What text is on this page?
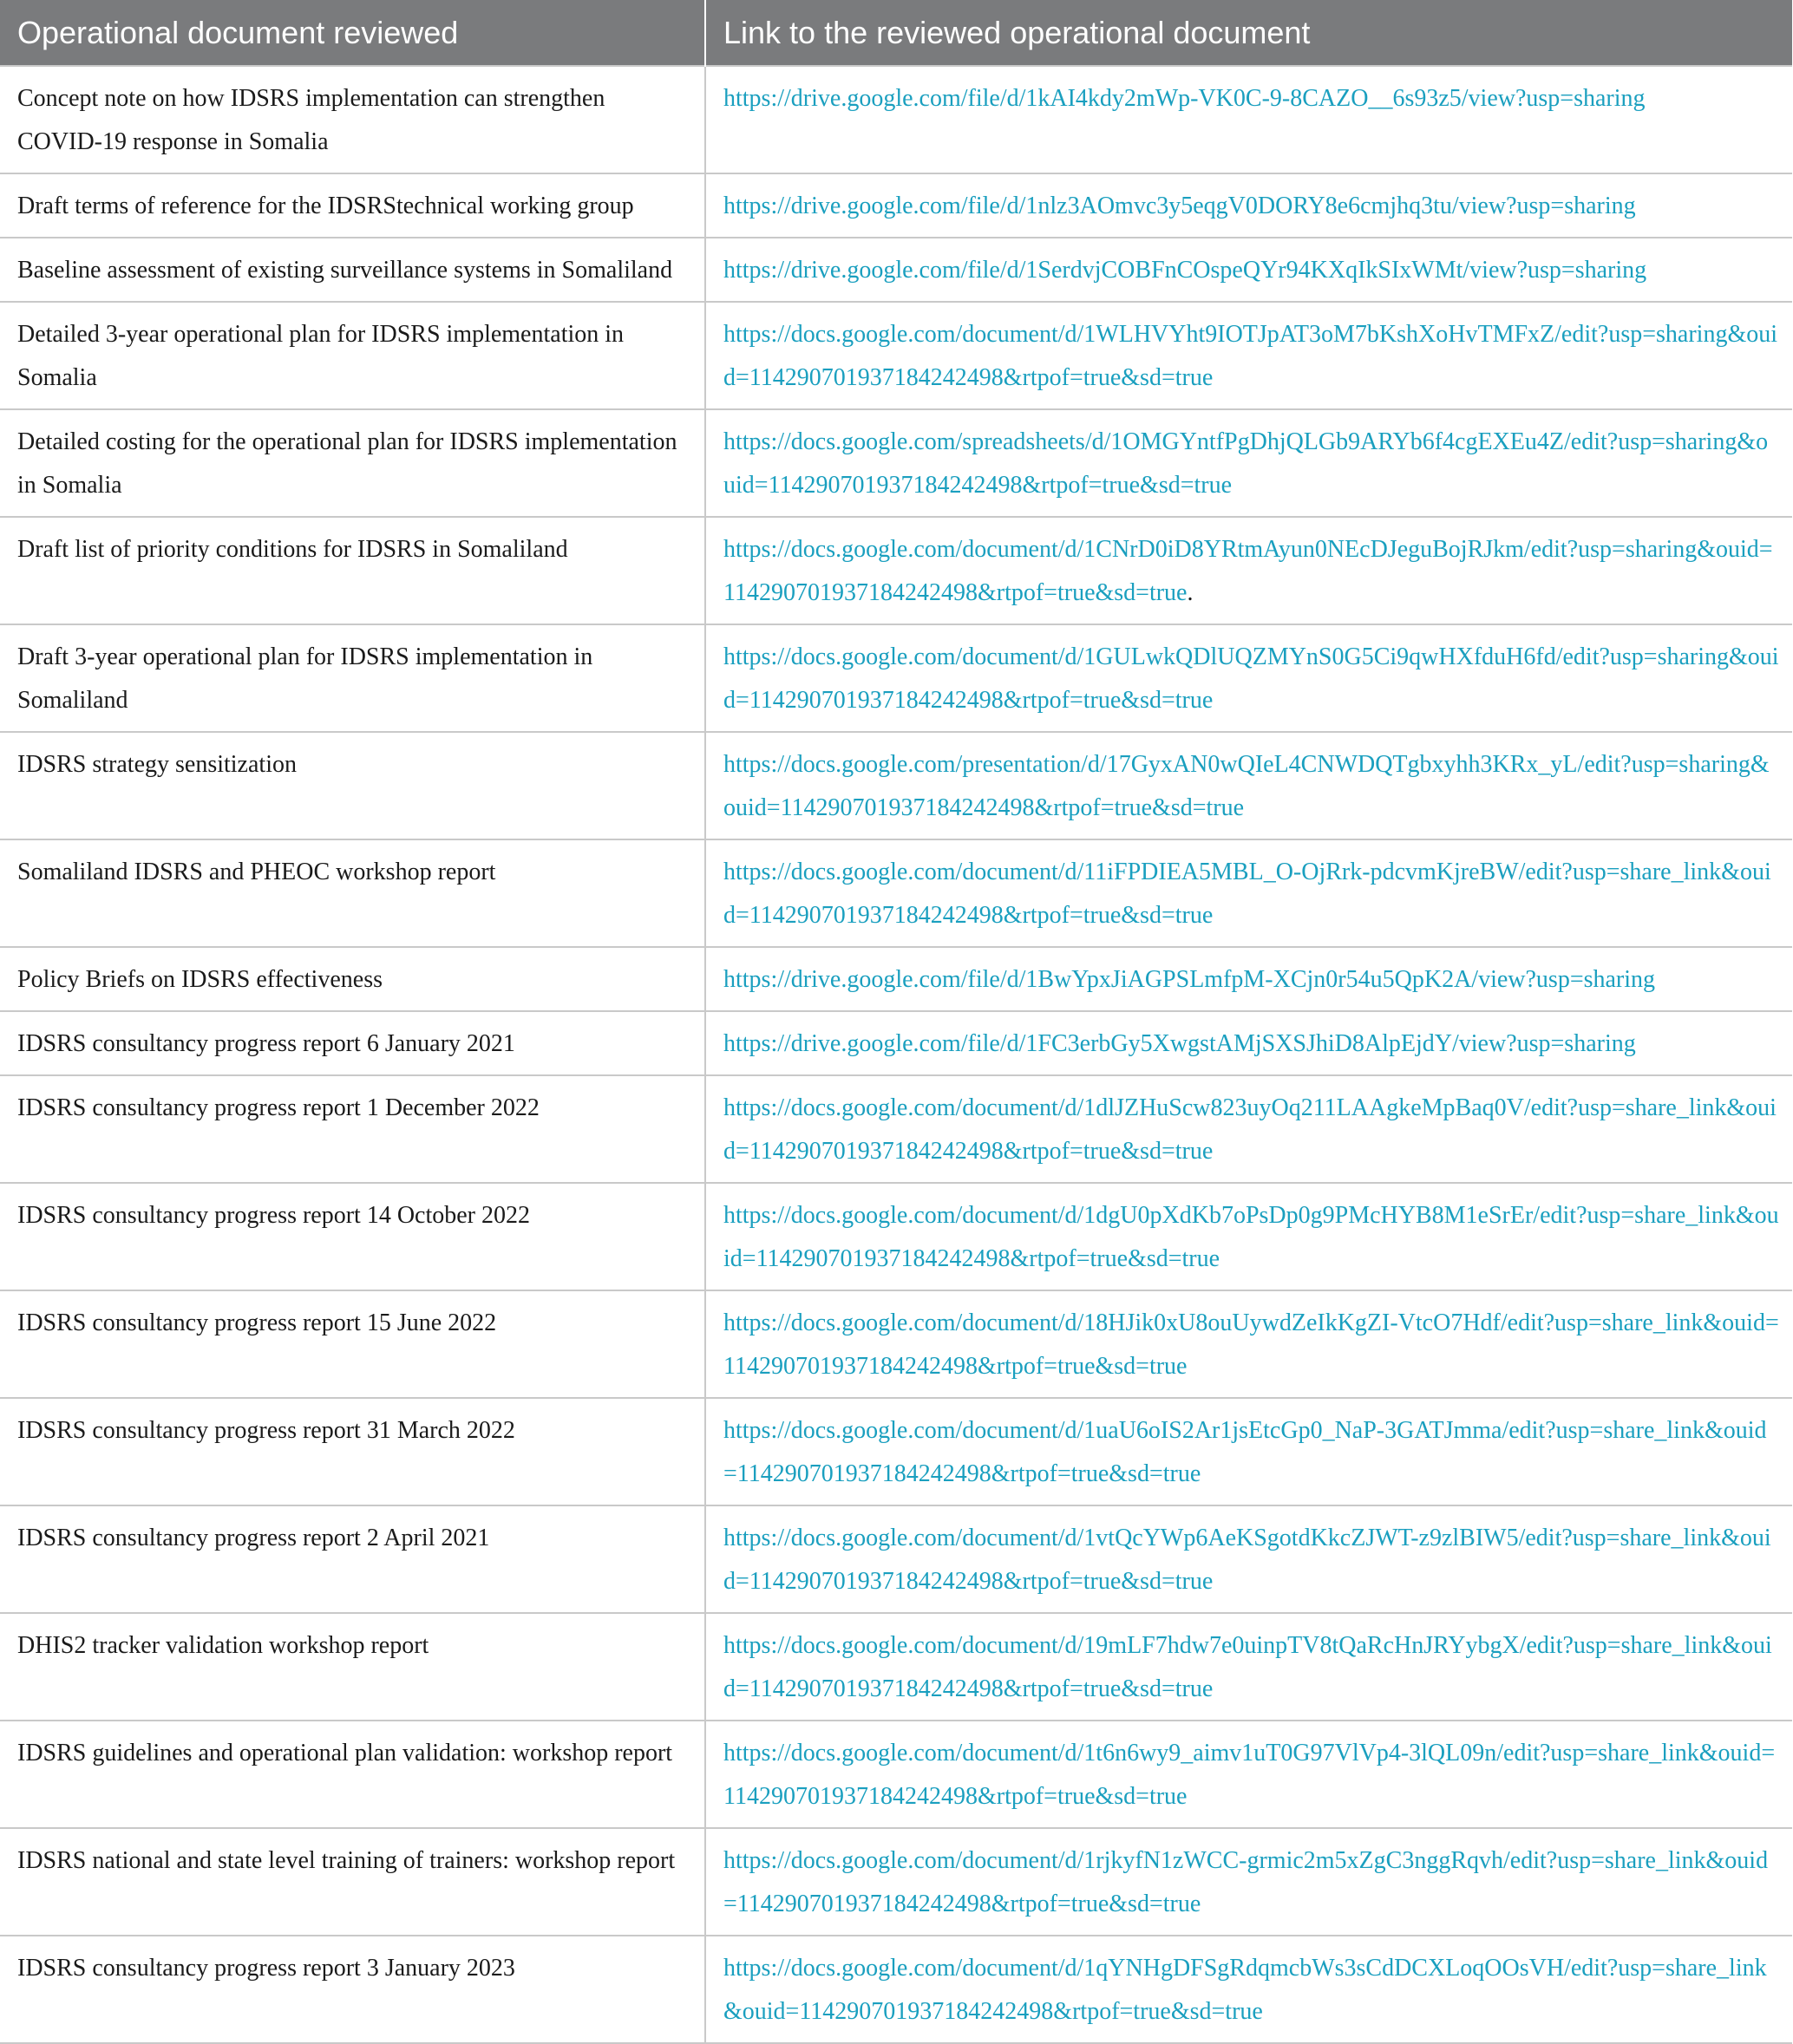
Operational document reviewed	Link to the reviewed operational document
Concept note on how IDSRS implementation can strengthen COVID-19 response in Somalia	https://drive.google.com/file/d/1kAI4kdy2mWp-VK0C-9-8CAZO__6s93z5/view?usp=sharing
Draft terms of reference for the IDSRStechnical working group	https://drive.google.com/file/d/1nlz3AOmvc3y5eqgV0DORY8e6cmjhq3tu/view?usp=sharing
Baseline assessment of existing surveillance systems in Somaliland	https://drive.google.com/file/d/1SerdvjCOBFnCOspeQYr94KXqIkSIxWMt/view?usp=sharing
Detailed 3-year operational plan for IDSRS implementation in Somalia	https://docs.google.com/document/d/1WLHVYht9IOTJpAT3oM7bKshXoHvTMFxZ/edit?usp=sharing&ouid=114290701937184242498&rtpof=true&sd=true
Detailed costing for the operational plan for IDSRS implementation in Somalia	https://docs.google.com/spreadsheets/d/1OMGYntfPgDhjQLGb9ARYb6f4cgEXEu4Z/edit?usp=sharing&ouid=114290701937184242498&rtpof=true&sd=true
Draft list of priority conditions for IDSRS in Somaliland	https://docs.google.com/document/d/1CNrD0iD8YRtmAyun0NEcDJeguBojRJkm/edit?usp=sharing&ouid=114290701937184242498&rtpof=true&sd=true.
Draft 3-year operational plan for IDSRS implementation in Somaliland	https://docs.google.com/document/d/1GULwkQDlUQZMYnS0G5Ci9qwHXfduH6fd/edit?usp=sharing&ouid=114290701937184242498&rtpof=true&sd=true
IDSRS strategy sensitization	https://docs.google.com/presentation/d/17GyxAN0wQIeL4CNWDQTgbxyhh3KRx_yL/edit?usp=sharing&ouid=114290701937184242498&rtpof=true&sd=true
Somaliland IDSRS and PHEOC workshop report	https://docs.google.com/document/d/11iFPDIEA5MBL_O-OjRrk-pdcvmKjreBW/edit?usp=share_link&ouid=114290701937184242498&rtpof=true&sd=true
Policy Briefs on IDSRS effectiveness	https://drive.google.com/file/d/1BwYpxJiAGPSLmfpM-XCjn0r54u5QpK2A/view?usp=sharing
IDSRS consultancy progress report 6 January 2021	https://drive.google.com/file/d/1FC3erbGy5XwgstAMjSXSJhiD8AlpEjdY/view?usp=sharing
IDSRS consultancy progress report 1 December 2022	https://docs.google.com/document/d/1dlJZHuScw823uyOq211LAAgkeMpBaq0V/edit?usp=share_link&ouid=114290701937184242498&rtpof=true&sd=true
IDSRS consultancy progress report 14 October 2022	https://docs.google.com/document/d/1dgU0pXdKb7oPsDp0g9PMcHYB8M1eSrEr/edit?usp=share_link&ouid=114290701937184242498&rtpof=true&sd=true
IDSRS consultancy progress report 15 June 2022	https://docs.google.com/document/d/18HJik0xU8ouUywdZeIkKgZI-VtcO7Hdf/edit?usp=share_link&ouid=114290701937184242498&rtpof=true&sd=true
IDSRS consultancy progress report 31 March 2022	https://docs.google.com/document/d/1uaU6oIS2Ar1jsEtcGp0_NaP-3GATJmma/edit?usp=share_link&ouid=114290701937184242498&rtpof=true&sd=true
IDSRS consultancy progress report 2 April 2021	https://docs.google.com/document/d/1vtQcYWp6AeKSgotdKkcZJWT-z9zlBIW5/edit?usp=share_link&ouid=114290701937184242498&rtpof=true&sd=true
DHIS2 tracker validation workshop report	https://docs.google.com/document/d/19mLF7hdw7e0uinpTV8tQaRcHnJRYybgX/edit?usp=share_link&ouid=114290701937184242498&rtpof=true&sd=true
IDSRS guidelines and operational plan validation: workshop report	https://docs.google.com/document/d/1t6n6wy9_aimv1uT0G97VlVp4-3lQL09n/edit?usp=share_link&ouid=114290701937184242498&rtpof=true&sd=true
IDSRS national and state level training of trainers: workshop report	https://docs.google.com/document/d/1rjkyfN1zWCC-grmic2m5xZgC3nggRqvh/edit?usp=share_link&ouid=114290701937184242498&rtpof=true&sd=true
IDSRS consultancy progress report 3 January 2023	https://docs.google.com/document/d/1qYNHgDFSgRdqmcbWs3sCdDCXLoqOOsVH/edit?usp=share_link&ouid=114290701937184242498&rtpof=true&sd=true
